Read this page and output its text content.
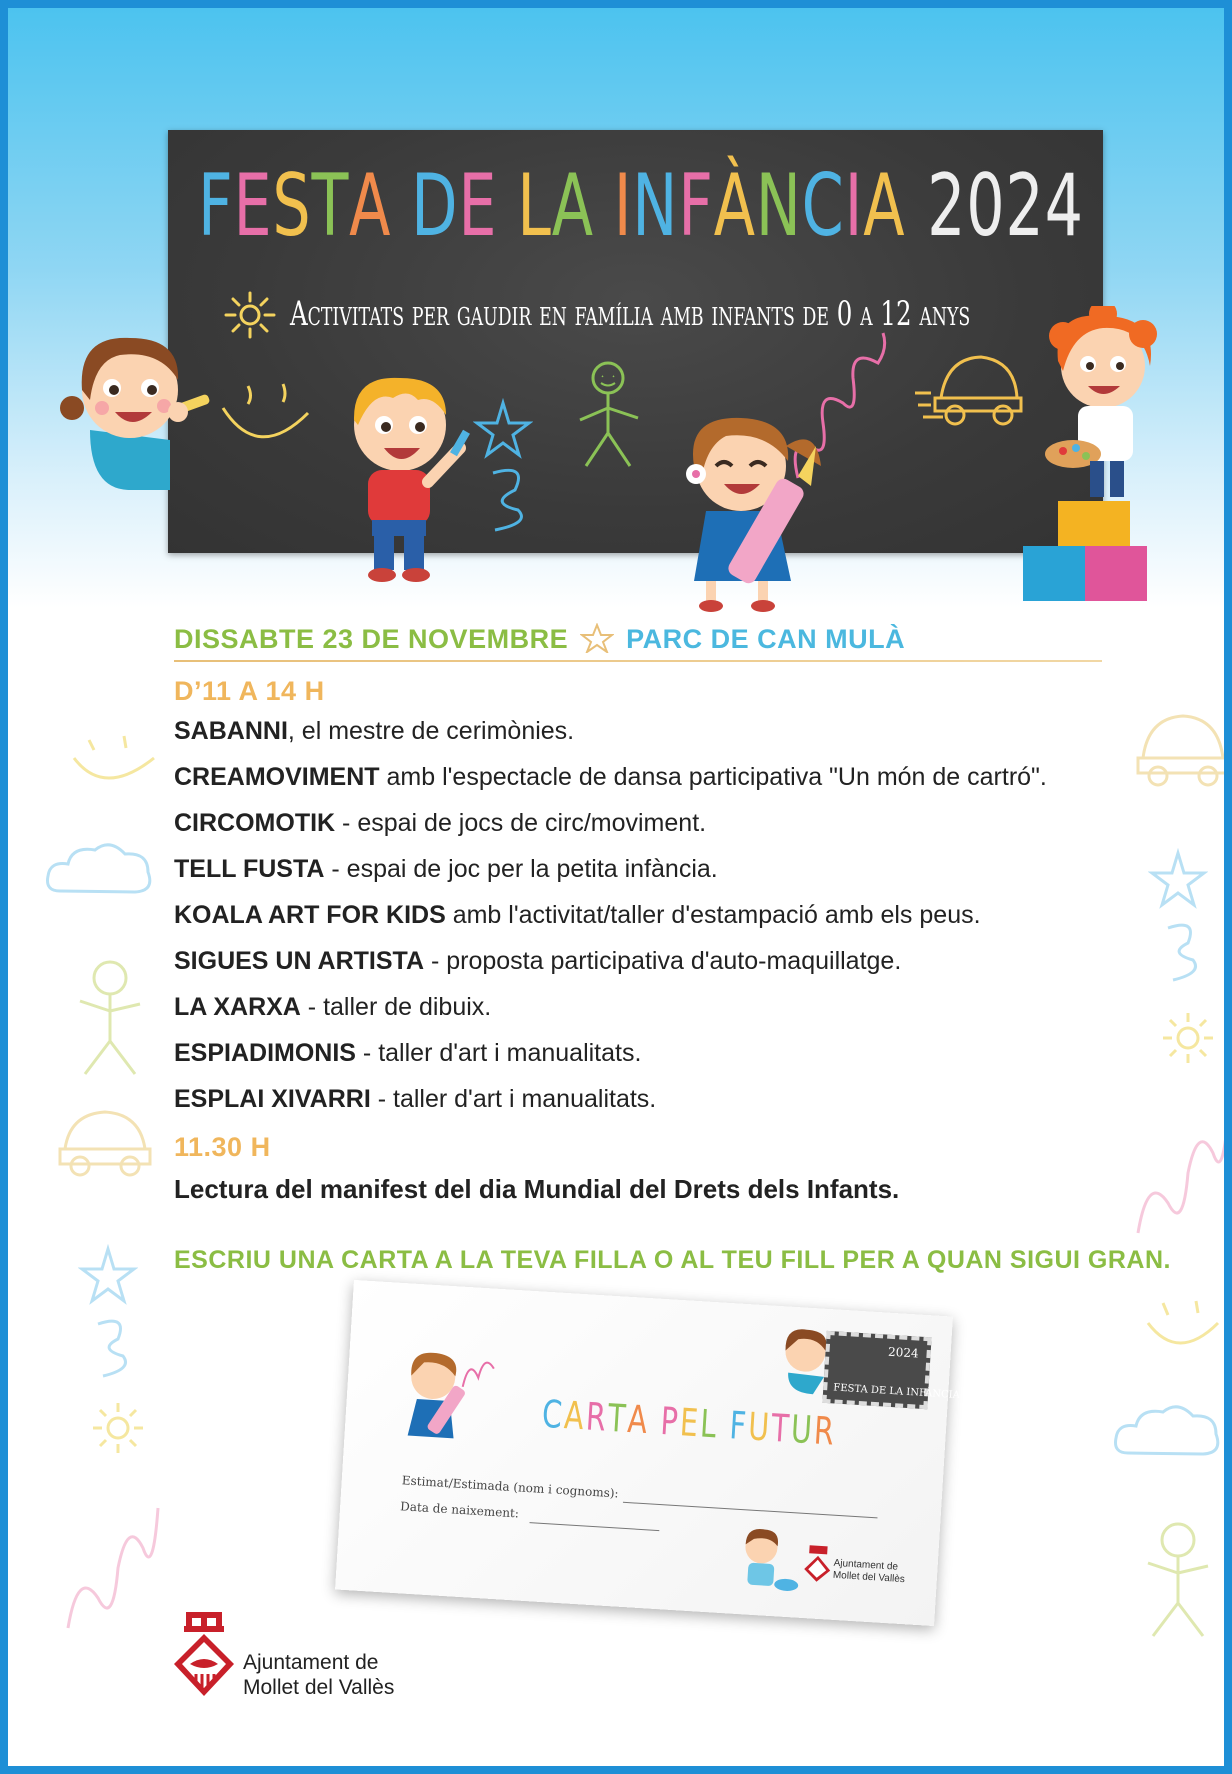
FESTA DE LA INFÀNCIA 2024
Activitats per gaudir en família amb infants de 0 a 12 anys
DISSABTE 23 DE NOVEMBRE PARC DE CAN MULÀ
D’11 A 14 H
SABANNI, el mestre de cerimònies.
CREAMOVIMENT amb l'espectacle de dansa participativa "Un món de cartró".
CIRCOMOTIK - espai de jocs de circ/moviment.
TELL FUSTA - espai de joc per la petita infància.
KOALA ART FOR KIDS amb l'activitat/taller d'estampació amb els peus.
SIGUES UN ARTISTA - proposta participativa d'auto-maquillatge.
LA XARXA - taller de dibuix.
ESPIADIMONIS - taller d'art i manualitats.
ESPLAI XIVARRI - taller d'art i manualitats.
11.30 H
Lectura del manifest del dia Mundial del Drets dels Infants.
ESCRIU UNA CARTA A LA TEVA FILLA O AL TEU FILL PER A QUAN SIGUI GRAN.
CARTA PEL FUTUR
Estimat/Estimada (nom i cognoms):
Data de naixement:
2024
FESTA DE LA INFÀNCIA
Ajuntament de
Mollet del Vallès
Ajuntament de
Mollet del Vallès
